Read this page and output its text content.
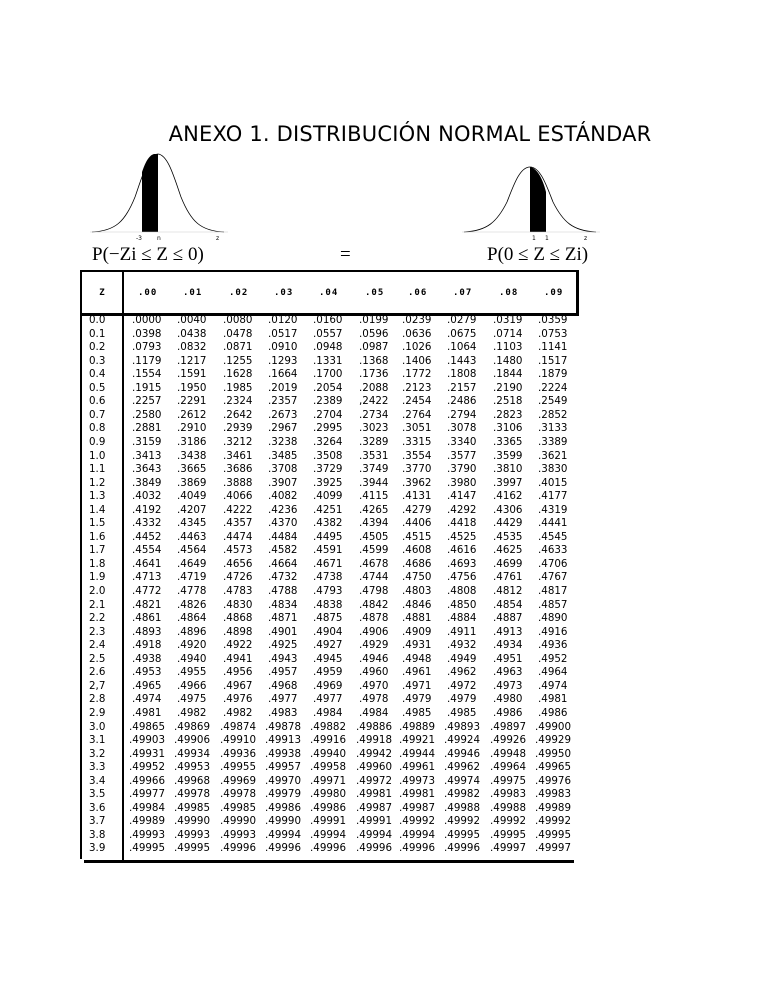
ANEXO 1. DISTRIBUCIÓN NORMAL ESTÁNDAR
-3	n	z	1 1	z
P(−Zi ≤ Z ≤ 0)	=	P(0 ≤ Z ≤ Zi)
Z	.00	.01	.02	.03	.04	.05	.06	.07	.08	.09
0.0	.0000 .0040 .0080 .0120 .0160 .0199 .0239 .0279 .0319 .0359
0.1	.0398 .0438 .0478 .0517 .0557 .0596 .0636 .0675 .0714 .0753
0.2	.0793 .0832 .0871 .0910 .0948 .0987 .1026 .1064 .1103 .1141
0.3	.1179 .1217 .1255 .1293 .1331 .1368 .1406 .1443 .1480 .1517
0.4	.1554 .1591 .1628 .1664 .1700 .1736 .1772 .1808 .1844 .1879
0.5	.1915 .1950 .1985 .2019 .2054 .2088 .2123 .2157 .2190 .2224
0.6	.2257 .2291 .2324 .2357 .2389 ,2422 .2454 .2486 .2518 .2549
0.7	.2580 .2612 .2642 .2673 .2704 .2734 .2764 .2794 .2823 .2852
0.8	.2881 .2910 .2939 .2967 .2995 .3023 .3051 .3078 .3106 .3133
0.9	.3159 .3186 .3212 .3238 .3264 .3289 .3315 .3340 .3365 .3389
1.0	.3413 .3438 .3461 .3485 .3508 .3531 .3554 .3577 .3599 .3621
1.1	.3643 .3665 .3686 .3708 .3729 .3749 .3770 .3790 .3810 .3830
1.2	.3849 .3869 .3888 .3907 .3925 .3944 .3962 .3980 .3997 .4015
1.3	.4032 .4049 .4066 .4082 .4099 .4115 .4131 .4147 .4162 .4177
1.4	.4192 .4207 .4222 .4236 .4251 .4265 .4279 .4292 .4306 .4319
1.5	.4332 .4345 .4357 .4370 .4382 .4394 .4406 .4418 .4429 .4441
1.6	.4452 .4463 .4474 .4484 .4495 .4505 .4515 .4525 .4535 .4545
1.7	.4554 .4564 .4573 .4582 .4591 .4599 .4608 .4616 .4625 .4633
1.8	.4641 .4649 .4656 .4664 .4671 .4678 .4686 .4693 .4699 .4706
1.9	.4713 .4719 .4726 .4732 .4738 .4744 .4750 .4756 .4761 .4767
2.0	.4772 .4778 .4783 .4788 .4793 .4798 .4803 .4808 .4812 .4817
2.1	.4821 .4826 .4830 .4834 .4838 .4842 .4846 .4850 .4854 .4857
2.2	.4861 .4864 .4868 .4871 .4875 .4878 .4881 .4884 .4887 .4890
2.3	.4893 .4896 .4898 .4901 .4904 .4906 .4909 .4911 .4913 .4916
2.4	.4918 .4920 .4922 .4925 .4927 .4929 .4931 .4932 .4934 .4936
2.5	.4938 .4940 .4941 .4943 .4945 .4946 .4948 .4949 .4951 .4952
2.6	.4953 .4955 .4956 .4957 .4959 .4960 .4961 .4962 .4963 .4964
2,7	.4965 .4966 .4967 .4968 .4969 .4970 .4971 .4972 .4973 .4974
2.8	.4974 .4975 .4976 .4977 .4977 .4978 .4979 .4979 .4980 .4981
2.9	.4981 .4982 .4982 .4983 .4984 .4984 .4985 .4985 .4986 .4986
3.0 .49865 .49869 .49874 .49878 .49882 .49886 .49889 .49893 .49897 .49900
3.1 .49903 .49906 .49910 .49913 .49916 .49918 .49921 .49924 .49926 .49929
3.2 .49931 .49934 .49936 .49938 .49940 .49942 .49944 .49946 .49948 .49950
3.3 .49952 .49953 .49955 .49957 .49958 .49960 .49961 .49962 .49964 .49965
3.4 .49966 .49968 .49969 .49970 .49971 .49972 .49973 .49974 .49975 .49976
3.5 .49977 .49978 .49978 .49979 .49980 .49981 .49981 .49982 .49983 .49983
3.6 .49984 .49985 .49985 .49986 .49986 .49987 .49987 .49988 .49988 .49989
3.7 .49989 .49990 .49990 .49990 .49991 .49991 .49992 .49992 .49992 .49992
3.8 .49993 .49993 .49993 .49994 .49994 .49994 .49994 .49995 .49995 .49995
3.9 .49995 .49995 .49996 .49996 .49996 .49996 .49996 .49996 .49997 .49997
